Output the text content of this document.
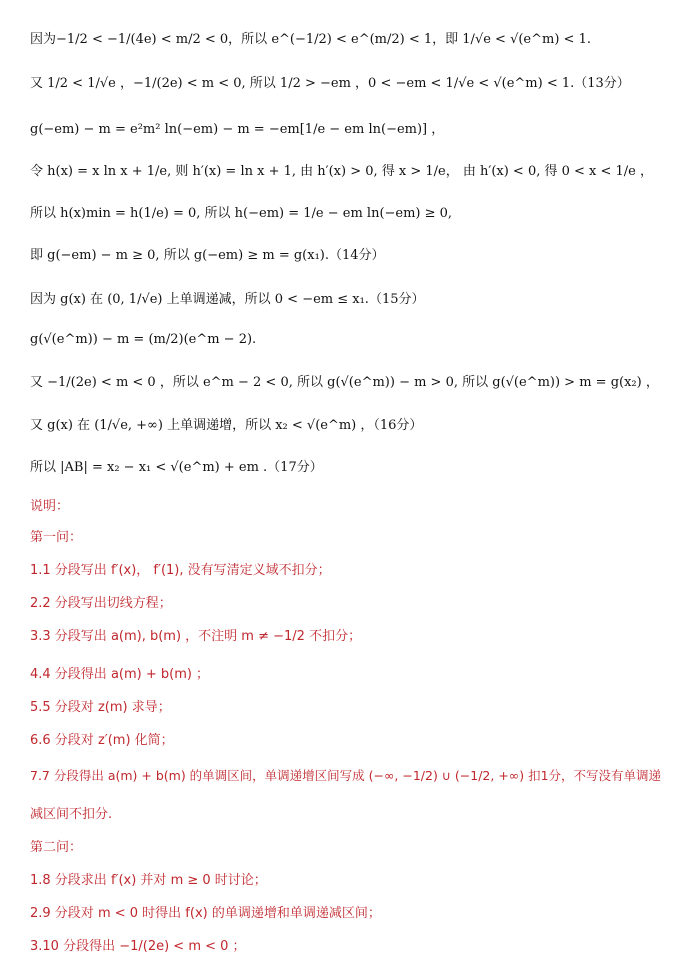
因为−1/2 < −1/(4e) < m/2 < 0，所以 e^(−1/2) < e^(m/2) < 1，即 1/√e < √(e^m) < 1.
又 1/2 < 1/√e ，−1/(2e) < m < 0, 所以 1/2 > −em ，0 < −em < 1/√e < √(e^m) < 1.（13分）
g(−em) − m = e²m² ln(−em) − m = −em[1/e − em ln(−em)] ，
令 h(x) = x ln x + 1/e, 则 h′(x) = ln x + 1, 由 h′(x) > 0, 得 x > 1/e， 由 h′(x) < 0, 得 0 < x < 1/e ，
所以 h(x)min = h(1/e) = 0, 所以 h(−em) = 1/e − em ln(−em) ≥ 0,
即 g(−em) − m ≥ 0, 所以 g(−em) ≥ m = g(x₁).（14分）
因为 g(x) 在 (0, 1/√e) 上单调递减，所以 0 < −em ≤ x₁.（15分）
g(√(e^m)) − m = (m/2)(e^m − 2).
又 −1/(2e) < m < 0 ，所以 e^m − 2 < 0, 所以 g(√(e^m)) − m > 0, 所以 g(√(e^m)) > m = g(x₂) ，
又 g(x) 在 (1/√e, +∞) 上单调递增，所以 x₂ < √(e^m) ，（16分）
所以 |AB| = x₂ − x₁ < √(e^m) + em .（17分）
说明：
第一问：
1.1 分段写出 f′(x)， f′(1), 没有写清定义域不扣分；
2.2 分段写出切线方程；
3.3 分段写出 a(m), b(m) ，不注明 m ≠ −1/2 不扣分；
4.4 分段得出 a(m) + b(m) ；
5.5 分段对 z(m) 求导；
6.6 分段对 z′(m) 化简；
7.7 分段得出 a(m) + b(m) 的单调区间，单调递增区间写成 (−∞, −1/2) ∪ (−1/2, +∞) 扣1分，不写没有单调递
减区间不扣分.
第二问：
1.8 分段求出 f′(x) 并对 m ≥ 0 时讨论；
2.9 分段对 m < 0 时得出 f(x) 的单调递增和单调递减区间；
3.10 分段得出 −1/(2e) < m < 0 ；
